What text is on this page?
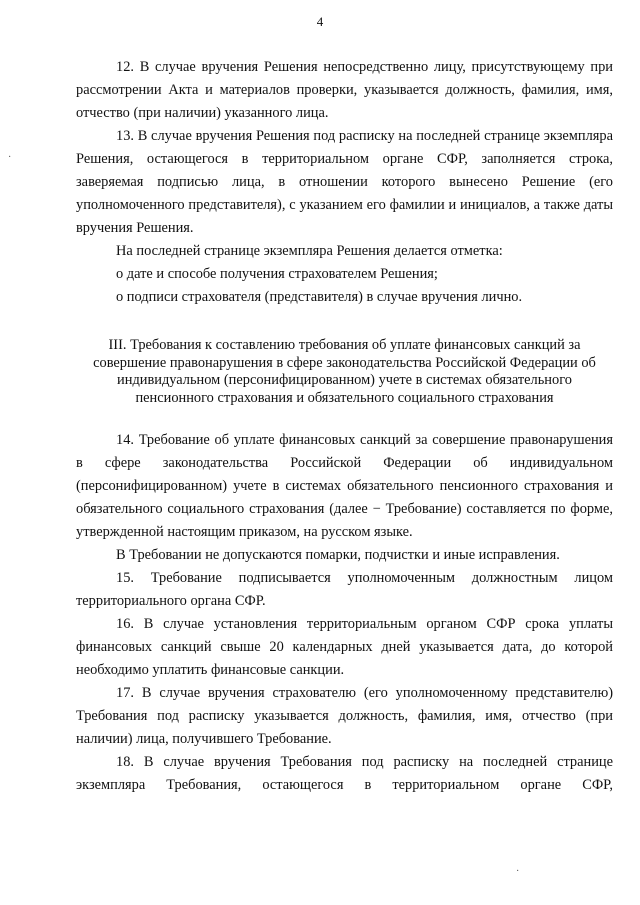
4
·
·

12. В случае вручения Решения непосредственно лицу, присутствующему при рассмотрении Акта и материалов проверки, указывается должность, фамилия, имя, отчество (при наличии) указанного лица.

13. В случае вручения Решения под расписку на последней странице экземпляра Решения, остающегося в территориальном органе СФР, заполняется строка, заверяемая подписью лица, в отношении которого вынесено Решение (его уполномоченного представителя), с указанием его фамилии и инициалов, а также даты вручения Решения.

На последней странице экземпляра Решения делается отметка:

о дате и способе получения страхователем Решения;

о подписи страхователя (представителя) в случае вручения лично.

III. Требования к составлению требования об уплате финансовых санкций за совершение правонарушения в сфере законодательства Российской Федерации об индивидуальном (персонифицированном) учете в системах обязательного пенсионного страхования и обязательного социального страхования

14. Требование об уплате финансовых санкций за совершение правонарушения в сфере законодательства Российской Федерации об индивидуальном (персонифицированном) учете в системах обязательного пенсионного страхования и обязательного социального страхования (далее − Требование) составляется по форме, утвержденной настоящим приказом, на русском языке.

В Требовании не допускаются помарки, подчистки и иные исправления.

15. Требование подписывается уполномоченным должностным лицом территориального органа СФР.

16. В случае установления территориальным органом СФР срока уплаты финансовых санкций свыше 20 календарных дней указывается дата, до которой необходимо уплатить финансовые санкции.

17. В случае вручения страхователю (его уполномоченному представителю) Требования под расписку указывается должность, фамилия, имя, отчество (при наличии) лица, получившего Требование.

18. В случае вручения Требования под расписку на последней странице экземпляра Требования, остающегося в территориальном органе СФР,
